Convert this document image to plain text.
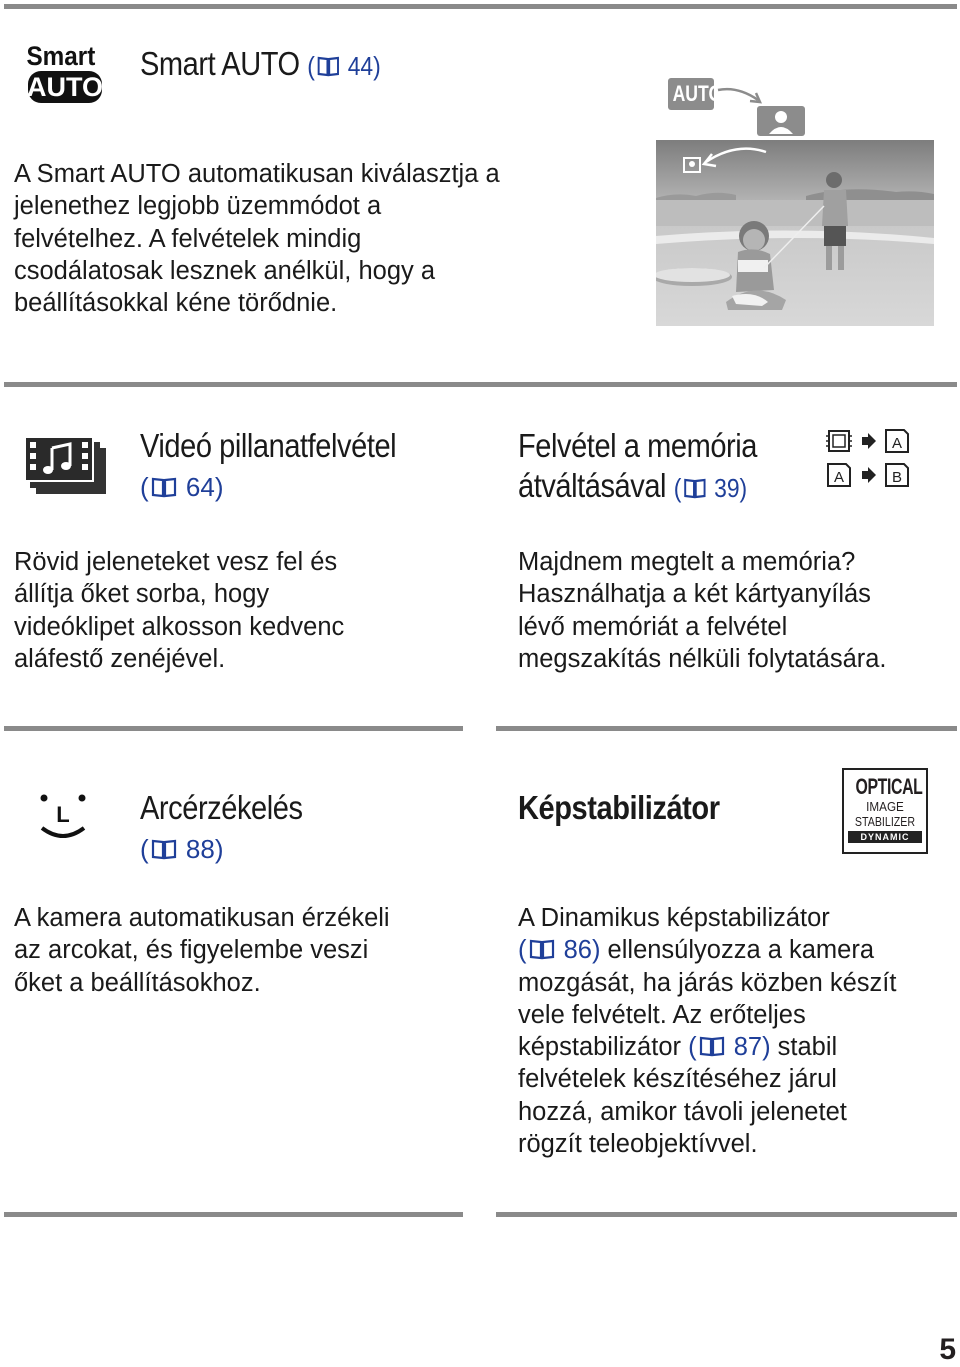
Smart
AUTO
Smart AUTO ( 44)
A Smart AUTO automatikusan kiválasztja a
jelenethez legjobb üzemmódot a
felvételhez. A felvételek mindig
csodálatosak lesznek anélkül, hogy a
beállításokkal kéne törődnie.
AUTO
Videó pillanatfelvétel
( 64)
Rövid jeleneteket vesz fel és
állítja őket sorba, hogy
videóklipet alkosson kedvenc
aláfestő zenéjével.
Felvétel a memória
átváltásával ( 39)
A
A	B
Majdnem megtelt a memória?
Használhatja a két kártyanyílás
lévő memóriát a felvétel
megszakítás nélküli folytatására.
L Arcérzékelés
( 88)
A kamera automatikusan érzékeli
az arcokat, és figyelembe veszi
őket a beállításokhoz.
Képstabilizátor
OPTICAL
IMAGE
STABILIZER
DYNAMIC
A Dinamikus képstabilizátor
( 86) ellensúlyozza a kamera
mozgását, ha járás közben készít
vele felvételt. Az erőteljes
képstabilizátor ( 87) stabil
felvételek készítéséhez járul
hozzá, amikor távoli jelenetet
rögzít teleobjektívvel.
5
